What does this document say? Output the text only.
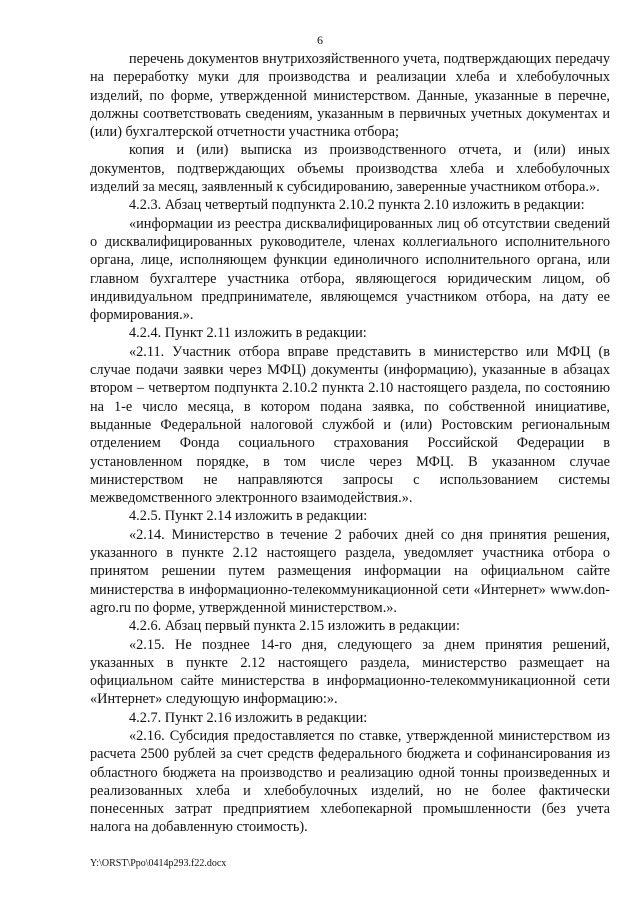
6

перечень документов внутрихозяйственного учета, подтверждающих передачу на переработку муки для производства и реализации хлеба и хлебобулочных изделий, по форме, утвержденной министерством. Данные, указанные в перечне, должны соответствовать сведениям, указанным в первичных учетных документах и (или) бухгалтерской отчетности участника отбора;

копия и (или) выписка из производственного отчета, и (или) иных документов, подтверждающих объемы производства хлеба и хлебобулочных изделий за месяц, заявленный к субсидированию, заверенные участником отбора.».

4.2.3. Абзац четвертый подпункта 2.10.2 пункта 2.10 изложить в редакции:

«информации из реестра дисквалифицированных лиц об отсутствии сведений о дисквалифицированных руководителе, членах коллегиального исполнительного органа, лице, исполняющем функции единоличного исполнительного органа, или главном бухгалтере участника отбора, являющегося юридическим лицом, об индивидуальном предпринимателе, являющемся участником отбора, на дату ее формирования.».

4.2.4. Пункт 2.11 изложить в редакции:

«2.11. Участник отбора вправе представить в министерство или МФЦ (в случае подачи заявки через МФЦ) документы (информацию), указанные в абзацах втором – четвертом подпункта 2.10.2 пункта 2.10 настоящего раздела, по состоянию на 1-е число месяца, в котором подана заявка, по собственной инициативе, выданные Федеральной налоговой службой и (или) Ростовским региональным отделением Фонда социального страхования Российской Федерации в установленном порядке, в том числе через МФЦ. В указанном случае министерством не направляются запросы с использованием системы межведомственного электронного взаимодействия.».

4.2.5. Пункт 2.14 изложить в редакции:

«2.14. Министерство в течение 2 рабочих дней со дня принятия решения, указанного в пункте 2.12 настоящего раздела, уведомляет участника отбора о принятом решении путем размещения информации на официальном сайте министерства в информационно-телекоммуникационной сети «Интернет» www.don-agro.ru по форме, утвержденной министерством.».

4.2.6. Абзац первый пункта 2.15 изложить в редакции:

«2.15. Не позднее 14-го дня, следующего за днем принятия решений, указанных в пункте 2.12 настоящего раздела, министерство размещает на официальном сайте министерства в информационно-телекоммуникационной сети «Интернет» следующую информацию:».

4.2.7. Пункт 2.16 изложить в редакции:

«2.16. Субсидия предоставляется по ставке, утвержденной министерством из расчета 2500 рублей за счет средств федерального бюджета и софинансирования из областного бюджета на производство и реализацию одной тонны произведенных и реализованных хлеба и хлебобулочных изделий, но не более фактически понесенных затрат предприятием хлебопекарной промышленности (без учета налога на добавленную стоимость).

Y:\ORST\Ppo\0414p293.f22.docx
